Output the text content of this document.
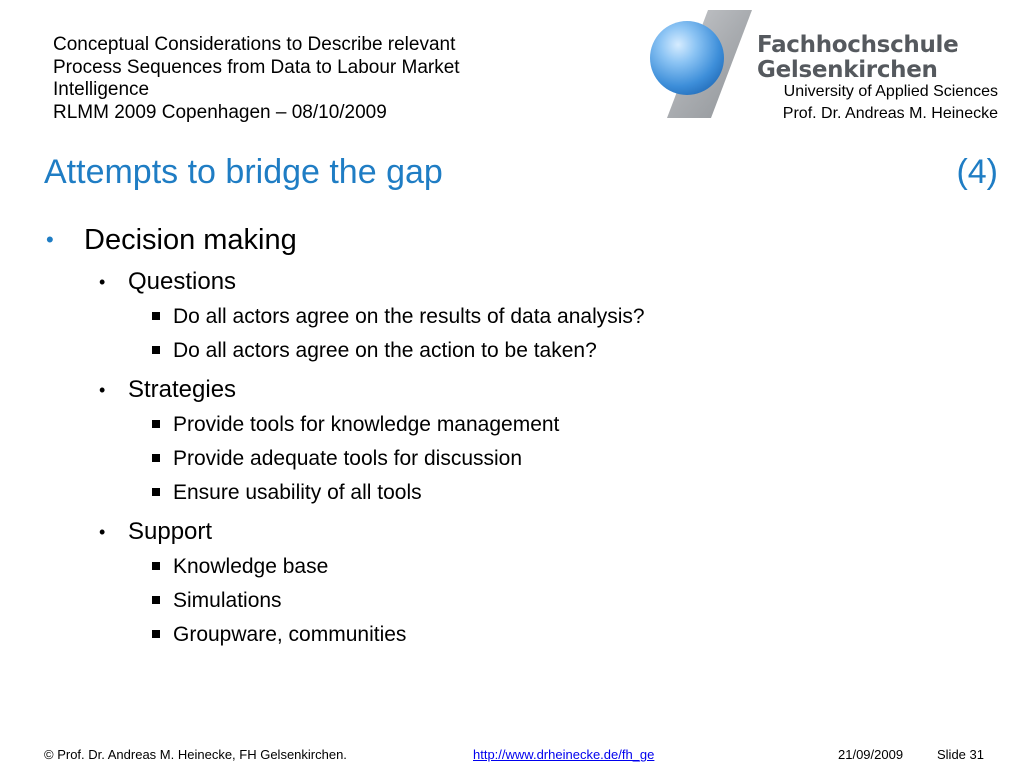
Conceptual Considerations to Describe relevant
Process Sequences from Data to Labour Market
Intelligence
RLMM 2009 Copenhagen – 08/10/2009
Fachhochschule
Gelsenkirchen
University of Applied Sciences
Prof. Dr. Andreas M. Heinecke
Attempts to bridge the gap	(4)
• Decision making
• Questions
Do all actors agree on the results of data analysis?
Do all actors agree on the action to be taken?
• Strategies
Provide tools for knowledge management
Provide adequate tools for discussion
Ensure usability of all tools
• Support
Knowledge base
Simulations
Groupware, communities
© Prof. Dr. Andreas M. Heinecke, FH Gelsenkirchen.	http://www.drheinecke.de/fh_ge	21/09/2009	Slide 31
